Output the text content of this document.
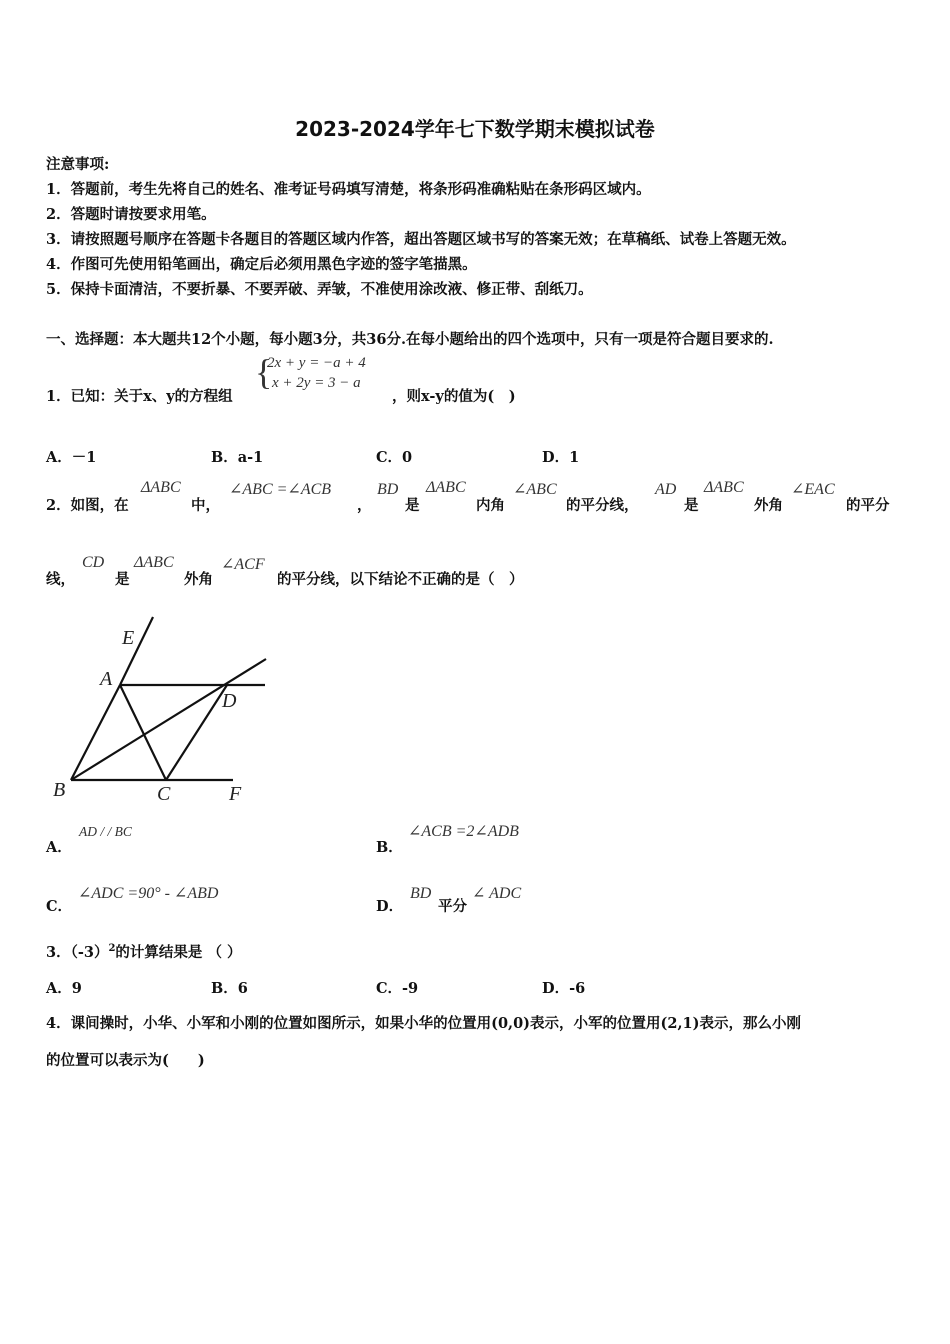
2023-2024学年七下数学期末模拟试卷
注意事项:
1．答题前，考生先将自己的姓名、准考证号码填写清楚，将条形码准确粘贴在条形码区域内。
2．答题时请按要求用笔。
3．请按照题号顺序在答题卡各题目的答题区域内作答，超出答题区域书写的答案无效；在草稿纸、试卷上答题无效。
4．作图可先使用铅笔画出，确定后必须用黑色字迹的签字笔描黑。
5．保持卡面清洁，不要折暴、不要弄破、弄皱，不准使用涂改液、修正带、刮纸刀。
一、选择题：本大题共12个小题，每小题3分，共36分.在每小题给出的四个选项中，只有一项是符合题目要求的.
1．已知：关于x、y的方程组
{
2x + y = −a + 4
x + 2y = 3 − a
，则x-y的值为(　)
A．－1	B．a-1	C．0	D．1
2．如图，在
ΔABC
中，
∠ABC =∠ACB
，
BD
是
ΔABC
内角
∠ABC
的平分线，
AD
是
ΔABC
外角
∠EAC
的平分
线，
CD
是
ΔABC
外角
∠ACF
的平分线，以下结论不正确的是（　）
E
A
D
B	C	F
A．
AD / / BC
B．
∠ACB =2∠ADB
C．
∠ADC =90° - ∠ABD
D．
BD
平分
∠ ADC
3．$(-3)^2$的计算结果是 （ ）
A．9	B．6	C．-9	D．-6
4．课间操时，小华、小军和小刚的位置如图所示，如果小华的位置用(0,0)表示，小军的位置用(2,1)表示，那么小刚
的位置可以表示为(　　)
